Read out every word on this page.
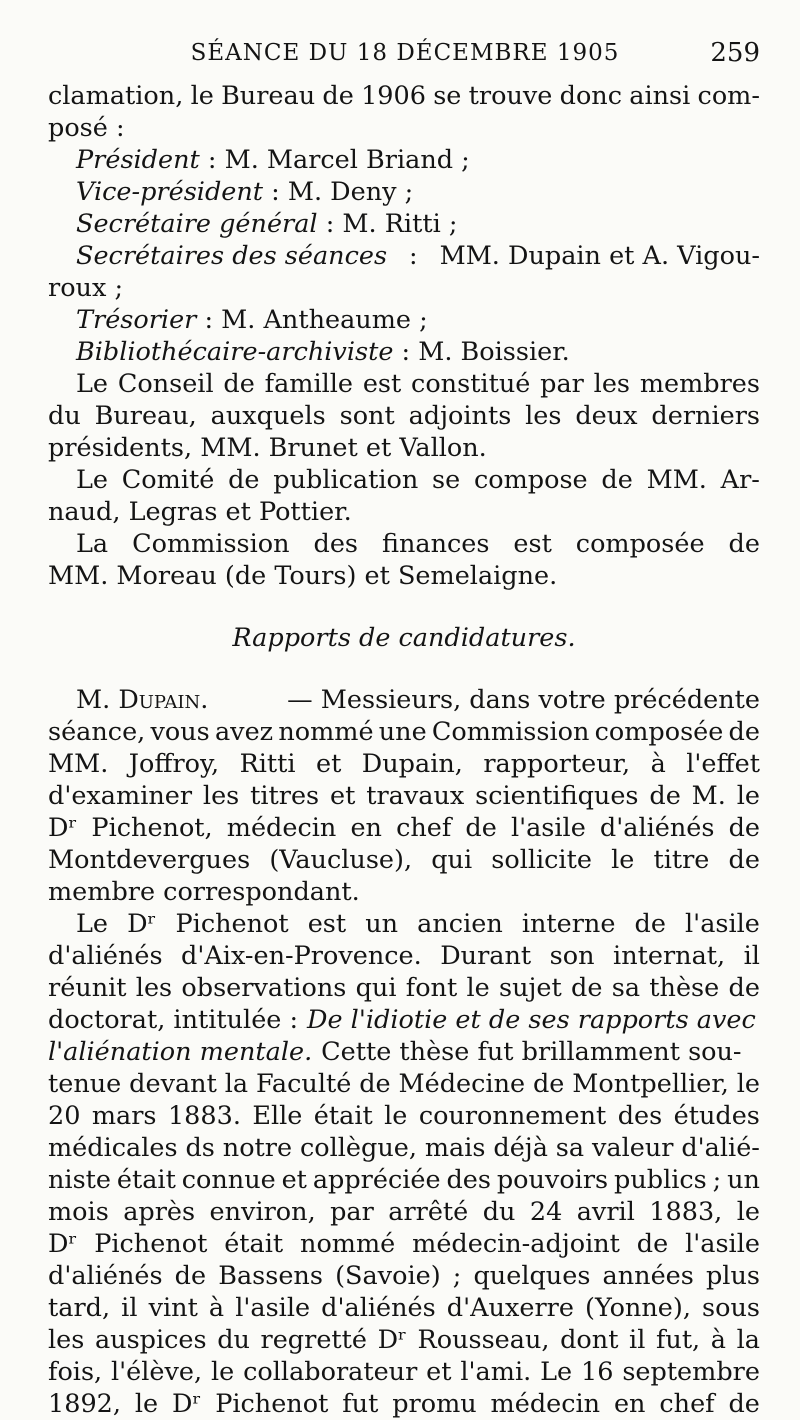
SÉANCE DU 18 DÉCEMBRE 1905	259
clamation, le Bureau de 1906 se trouve donc ainsi com-
posé :
Président : M. Marcel Briand ;
Vice-président : M. Deny ;
Secrétaire général : M. Ritti ;
Secrétaires des séances : MM. Dupain et A. Vigou-
roux ;
Trésorier : M. Antheaume ;
Bibliothécaire-archiviste : M. Boissier.
Le Conseil de famille est constitué par les membres
du Bureau, auxquels sont adjoints les deux derniers
présidents, MM. Brunet et Vallon.
Le Comité de publication se compose de MM. Ar-
naud, Legras et Pottier.
La Commission des finances est composée de
MM. Moreau (de Tours) et Semelaigne.
Rapports de candidatures.
M. Dupain.	— Messieurs, dans votre précédente
séance, vous avez nommé une Commission composée de
MM. Joffroy, Ritti et Dupain, rapporteur, à l'effet
d'examiner les titres et travaux scientifiques de M. le
Dʳ Pichenot, médecin en chef de l'asile d'aliénés de
Montdevergues (Vaucluse), qui sollicite le titre de
membre correspondant.
Le Dʳ Pichenot est un ancien interne de l'asile
d'aliénés d'Aix-en-Provence. Durant son internat, il
réunit les observations qui font le sujet de sa thèse de
doctorat, intitulée : De l'idiotie et de ses rapports avec
l'aliénation mentale. Cette thèse fut brillamment sou-
tenue devant la Faculté de Médecine de Montpellier, le
20 mars 1883. Elle était le couronnement des études
médicales ds notre collègue, mais déjà sa valeur d'alié-
niste était connue et appréciée des pouvoirs publics ; un
mois après environ, par arrêté du 24 avril 1883, le
Dʳ Pichenot était nommé médecin-adjoint de l'asile
d'aliénés de Bassens (Savoie) ; quelques années plus
tard, il vint à l'asile d'aliénés d'Auxerre (Yonne), sous
les auspices du regretté Dʳ Rousseau, dont il fut, à la
fois, l'élève, le collaborateur et l'ami. Le 16 septembre
1892, le Dʳ Pichenot fut promu médecin en chef de
